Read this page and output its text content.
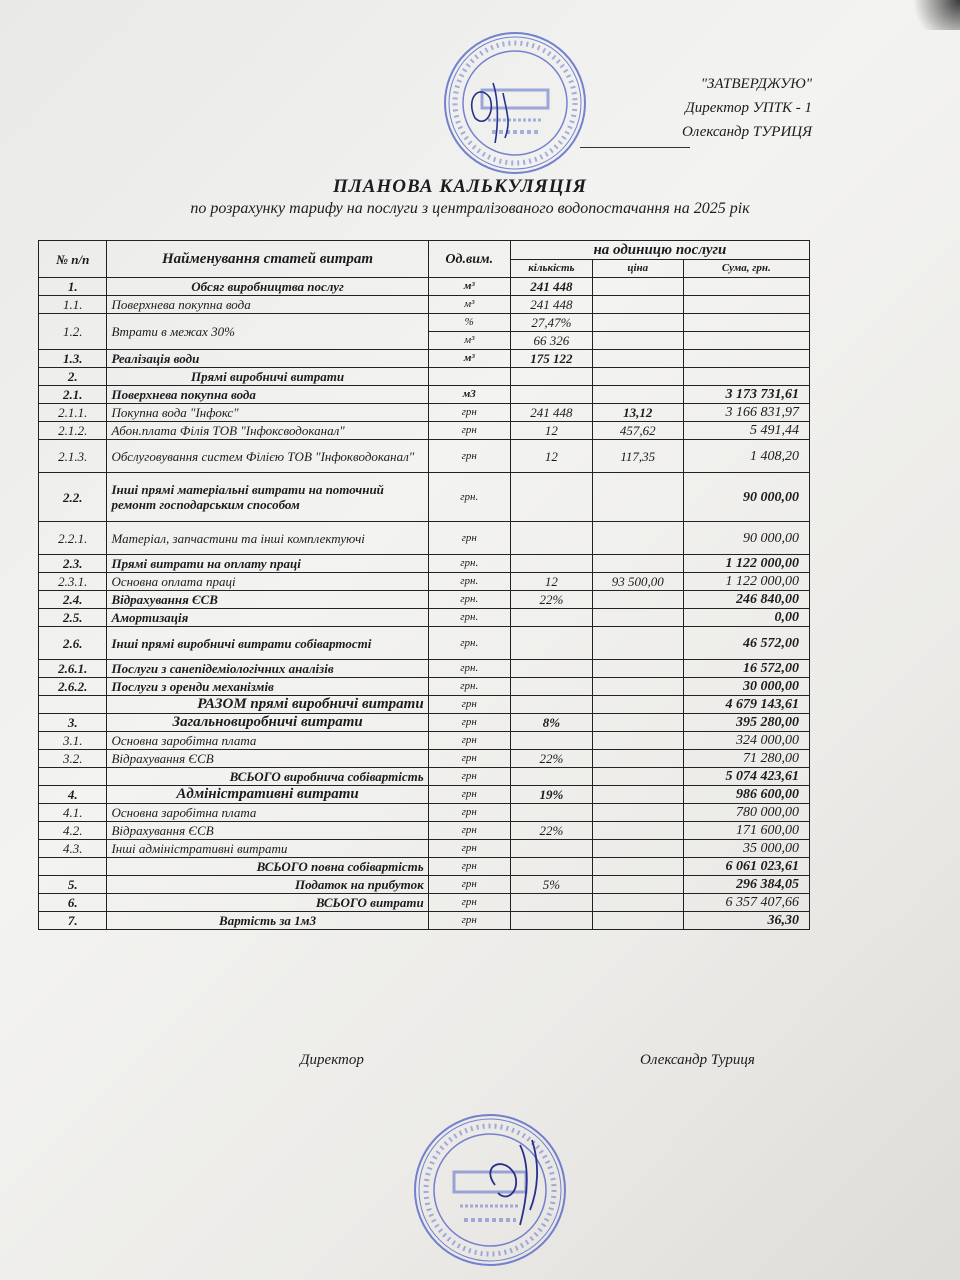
"ЗАТВЕРДЖУЮ"
Директор УПТК - 1
Олександр ТУРИЦЯ
ПЛАНОВА КАЛЬКУЛЯЦІЯ

по розрахунку тарифу на послуги з централізованого водопостачання на 2025 рік

№ п/п	Найменування статей витрат	Од.вим.	на одиницю послуги		
			кількість	ціна	Сума, грн.
1.	Обсяг виробництва послуг	м³	241 448		
1.1.	Поверхнева покупна вода	м³	241 448		
1.2.	Втрати в межах 30%	%	27,47%		
		м³	66 326		
1.3.	Реалізація води	м³	175 122		
2.	Прямі виробничі витрати				
2.1.	Поверхнева покупна вода	м3			3 173 731,61
2.1.1.	Покупна вода "Інфокс"	грн	241 448	13,12	3 166 831,97
2.1.2.	Абон.плата Філія ТОВ "Інфоксводоканал"	грн	12	457,62	5 491,44
2.1.3.	Обслуговування систем Філією ТОВ "Інфокводоканал"	грн	12	117,35	1 408,20
2.2.	Інші прямі матеріальні витрати на поточний ремонт господарським способом	грн.			90 000,00
2.2.1.	Матеріал, запчастини та інші комплектуючі	грн			90 000,00
2.3.	Прямі витрати на оплату праці	грн.			1 122 000,00
2.3.1.	Основна оплата праці	грн.	12	93 500,00	1 122 000,00
2.4.	Відрахування ЄСВ	грн.	22%		246 840,00
2.5.	Амортизація	грн.			0,00
2.6.	Інші прямі виробничі витрати собівартості	грн.			46 572,00
2.6.1.	Послуги з санепідеміологічних аналізів	грн.			16 572,00
2.6.2.	Послуги з оренди механізмів	грн.			30 000,00
	РАЗОМ прямі виробничі витрати	грн			4 679 143,61
3.	Загальновиробничі витрати	грн	8%		395 280,00
3.1.	Основна заробітна плата	грн			324 000,00
3.2.	Відрахування ЄСВ	грн	22%		71 280,00
	ВСЬОГО виробнича собівартість	грн			5 074 423,61
4.	Адміністративні витрати	грн	19%		986 600,00
4.1.	Основна заробітна плата	грн			780 000,00
4.2.	Відрахування ЄСВ	грн	22%		171 600,00
4.3.	Інші адміністративні витрати	грн			35 000,00
	ВСЬОГО повна собівартість	грн			6 061 023,61
5.	Податок на прибуток	грн	5%		296 384,05
6.	ВСЬОГО витрати	грн			6 357 407,66
7.	Вартість за 1м3	грн			36,30
Директор	Олександр Туриця
